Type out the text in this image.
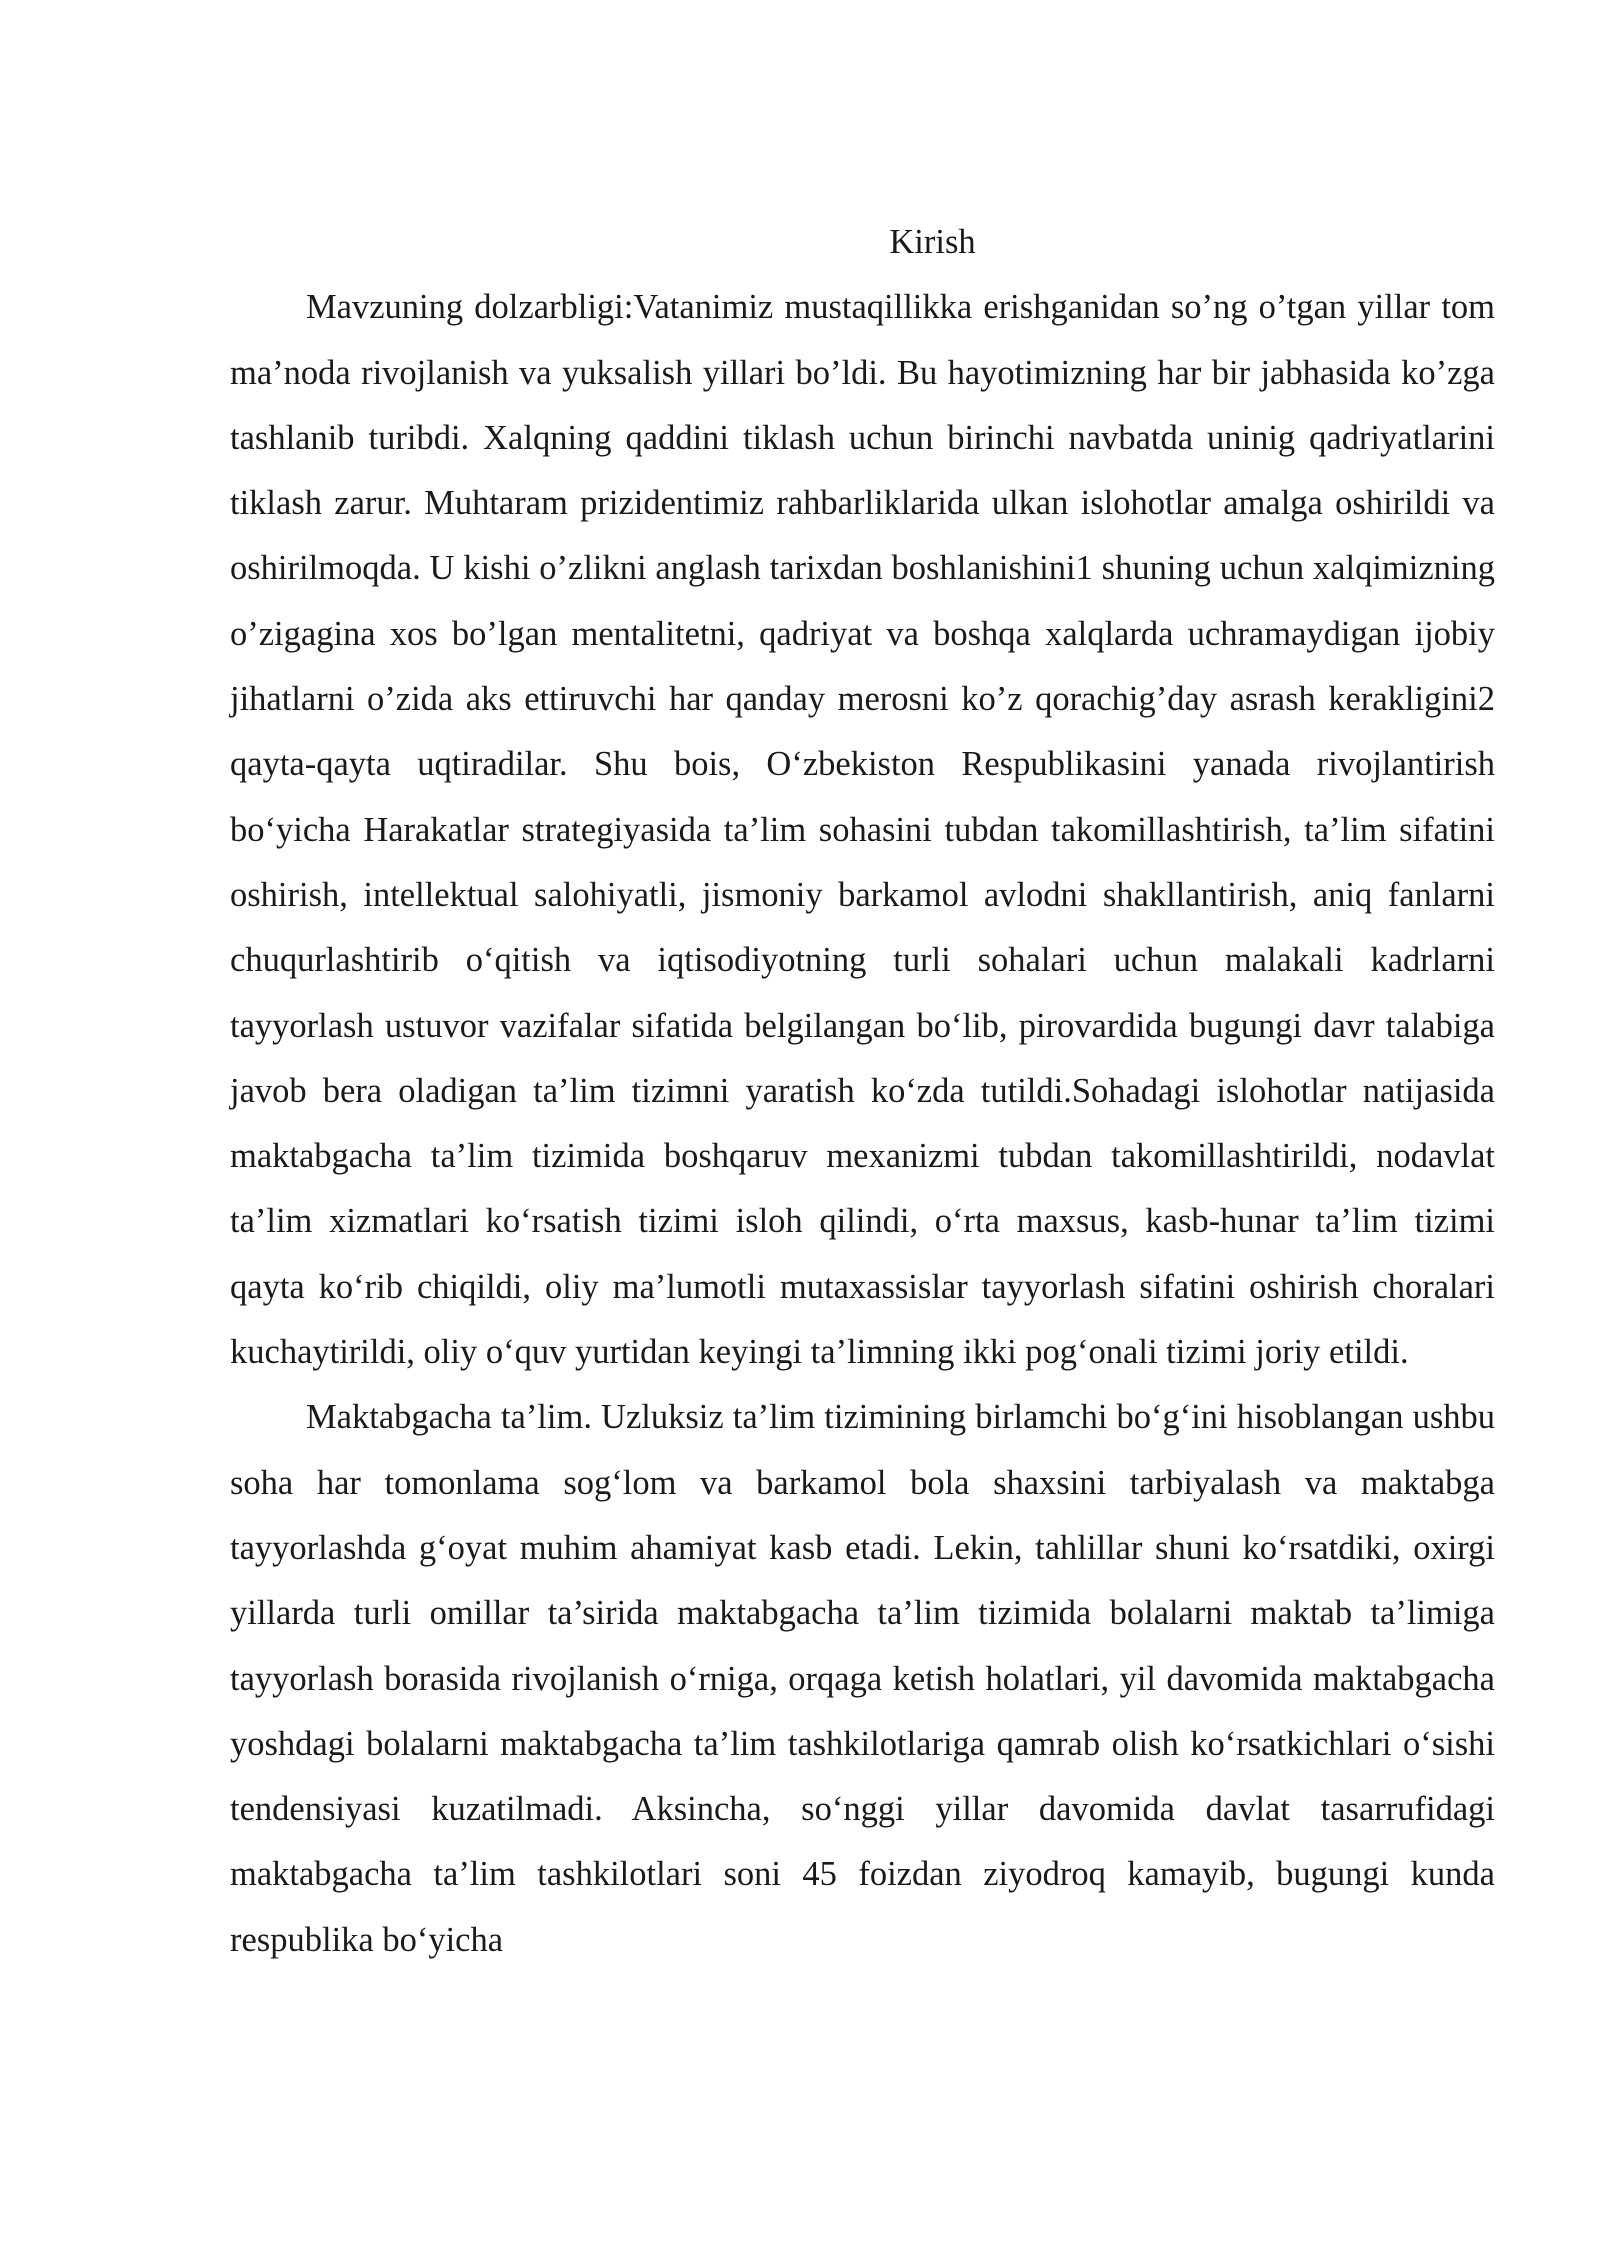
Kirish

Mavzuning dolzarbligi:Vatanimiz mustaqillikka erishganidan so’ng o’tgan yillar tom ma’noda rivojlanish va yuksalish yillari bo’ldi. Bu hayotimizning har bir jabhasida ko’zga tashlanib turibdi. Xalqning qaddini tiklash uchun birinchi navbatda uninig qadriyatlarini tiklash zarur. Muhtaram prizidentimiz rahbarliklarida ulkan islohotlar amalga oshirildi va oshirilmoqda. U kishi o’zlikni anglash tarixdan boshlanishini1 shuning uchun xalqimizning o’zigagina xos bo’lgan mentalitetni, qadriyat va boshqa xalqlarda uchramaydigan ijobiy jihatlarni o’zida aks ettiruvchi har qanday merosni ko’z qorachig’day asrash kerakligini2 qayta-qayta uqtiradilar. Shu bois, O‘zbekiston Respublikasini yanada rivojlantirish bo‘yicha Harakatlar strategiyasida ta’lim sohasini tubdan takomillashtirish, ta’lim sifatini oshirish, intellektual salohiyatli, jismoniy barkamol avlodni shakllantirish, aniq fanlarni chuqurlashtirib o‘qitish va iqtisodiyotning turli sohalari uchun malakali kadrlarni tayyorlash ustuvor vazifalar sifatida belgilangan bo‘lib, pirovardida bugungi davr talabiga javob bera oladigan ta’lim tizimni yaratish ko‘zda tutildi.Sohadagi islohotlar natijasida maktabgacha ta’lim tizimida boshqaruv mexanizmi tubdan takomillashtirildi, nodavlat ta’lim xizmatlari ko‘rsatish tizimi isloh qilindi, o‘rta maxsus, kasb-hunar ta’lim tizimi qayta ko‘rib chiqildi, oliy ma’lumotli mutaxassislar tayyorlash sifatini oshirish choralari kuchaytirildi, oliy o‘quv yurtidan keyingi ta’limning ikki pog‘onali tizimi joriy etildi.

Maktabgacha ta’lim. Uzluksiz ta’lim tizimining birlamchi bo‘g‘ini hisoblangan ushbu soha har tomonlama sog‘lom va barkamol bola shaxsini tarbiyalash va maktabga tayyorlashda g‘oyat muhim ahamiyat kasb etadi. Lekin, tahlillar shuni ko‘rsatdiki, oxirgi yillarda turli omillar ta’sirida maktabgacha ta’lim tizimida bolalarni maktab ta’limiga tayyorlash borasida rivojlanish o‘rniga, orqaga ketish holatlari, yil davomida maktabgacha yoshdagi bolalarni maktabgacha ta’lim tashkilotlariga qamrab olish ko‘rsatkichlari o‘sishi tendensiyasi kuzatilmadi. Aksincha, so‘nggi yillar davomida davlat tasarrufidagi maktabgacha ta’lim tashkilotlari soni 45 foizdan ziyodroq kamayib, bugungi kunda respublika bo‘yicha
